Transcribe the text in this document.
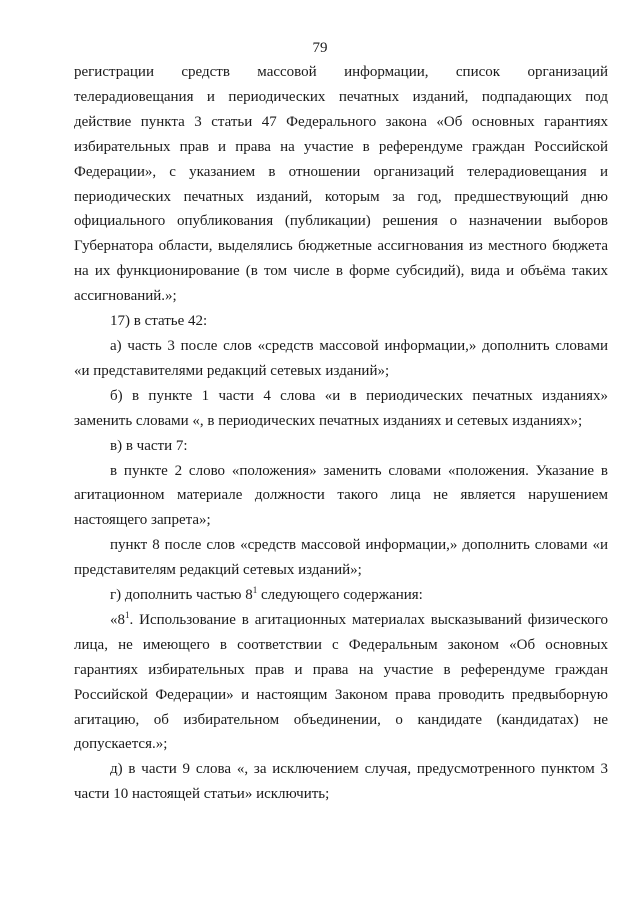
79

регистрации средств массовой информации, список организаций телерадиовещания и периодических печатных изданий, подпадающих под действие пункта 3 статьи 47 Федерального закона «Об основных гарантиях избирательных прав и права на участие в референдуме граждан Российской Федерации», с указанием в отношении организаций телерадиовещания и периодических печатных изданий, которым за год, предшествующий дню официального опубликования (публикации) решения о назначении выборов Губернатора области, выделялись бюджетные ассигнования из местного бюджета на их функционирование (в том числе в форме субсидий), вида и объёма таких ассигнований.»;

17) в статье 42:

а) часть 3 после слов «средств массовой информации,» дополнить словами «и представителями редакций сетевых изданий»;

б) в пункте 1 части 4 слова «и в периодических печатных изданиях» заменить словами «, в периодических печатных изданиях и сетевых изданиях»;

в) в части 7:

в пункте 2 слово «положения» заменить словами «положения. Указание в агитационном материале должности такого лица не является нарушением настоящего запрета»;

пункт 8 после слов «средств массовой информации,» дополнить словами «и представителям редакций сетевых изданий»;

г) дополнить частью $8^1$ следующего содержания:

«$8^1$. Использование в агитационных материалах высказываний физического лица, не имеющего в соответствии с Федеральным законом «Об основных гарантиях избирательных прав и права на участие в референдуме граждан Российской Федерации» и настоящим Законом права проводить предвыборную агитацию, об избирательном объединении, о кандидате (кандидатах) не допускается.»;

д) в части 9 слова «, за исключением случая, предусмотренного пунктом 3 части 10 настоящей статьи» исключить;
